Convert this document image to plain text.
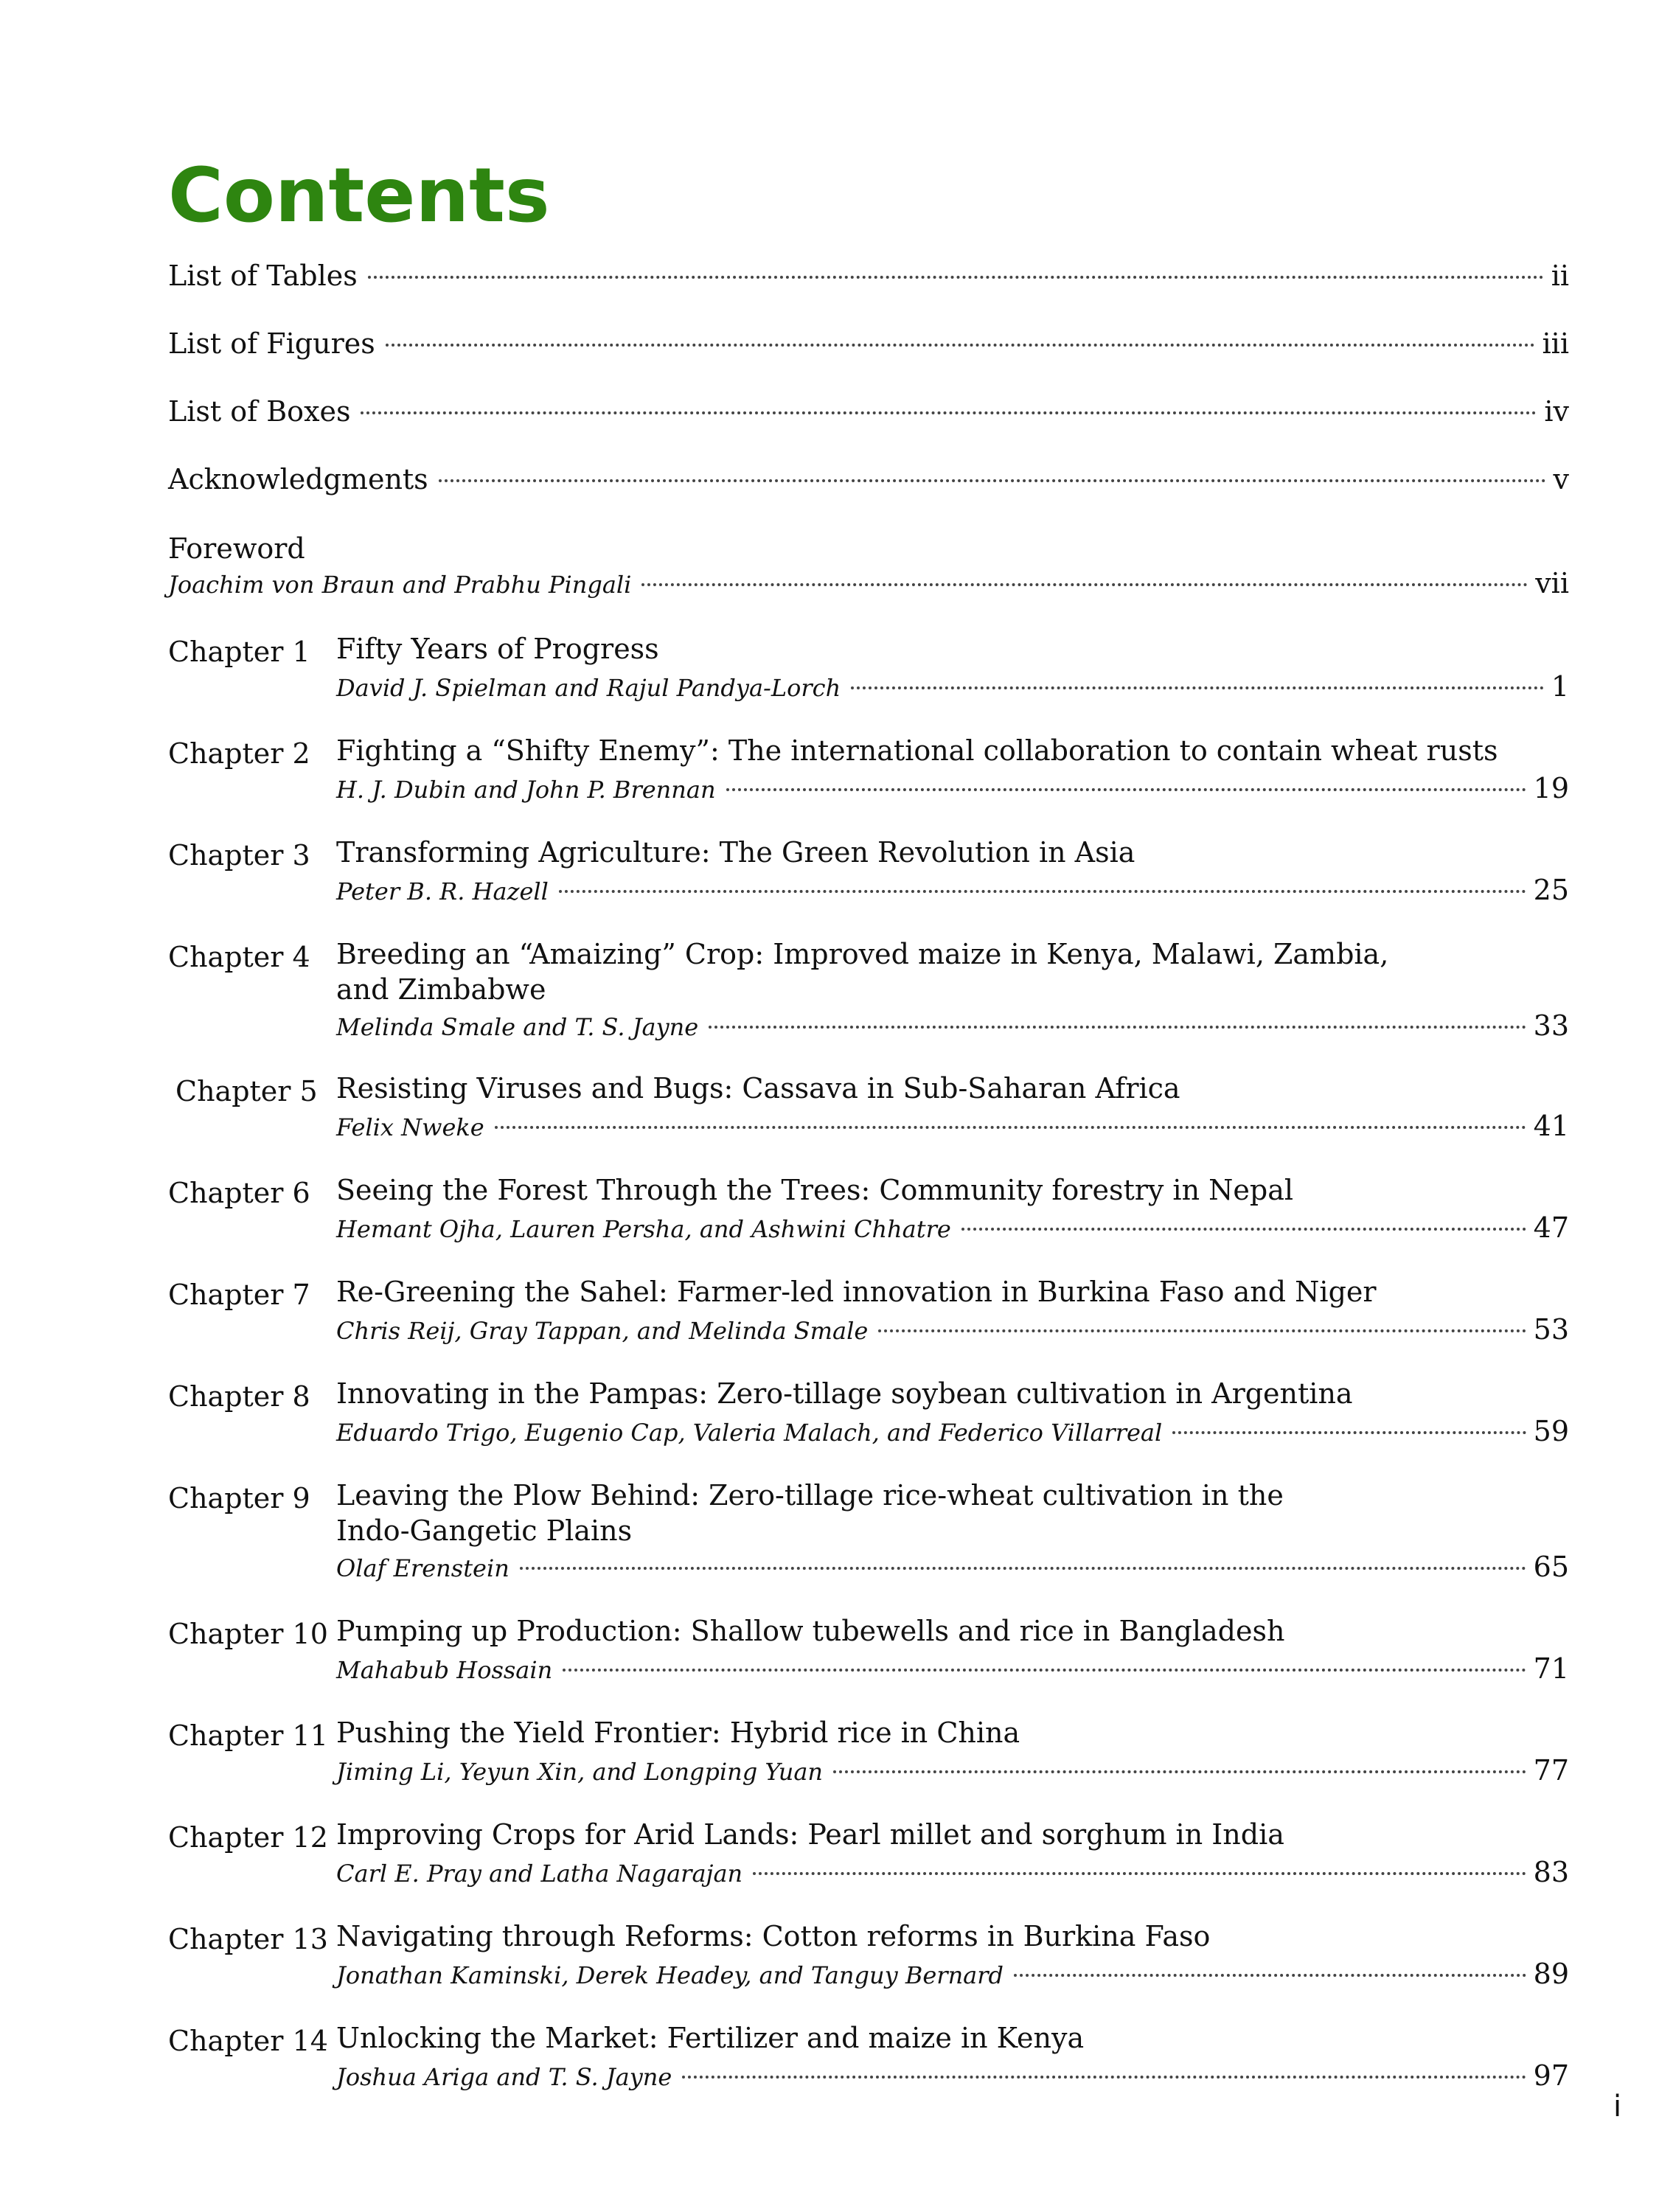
Contents
List of Tables	ii
List of Figures	iii
List of Boxes	iv
Acknowledgments	v
Foreword
Joachim von Braun and Prabhu Pingali	vii
Chapter 1 Fifty Years of Progress
David J. Spielman and Rajul Pandya-Lorch	1
Chapter 2 Fighting a “Shifty Enemy”: The international collaboration to contain wheat rusts
H. J. Dubin and John P. Brennan	19
Chapter 3 Transforming Agriculture: The Green Revolution in Asia
Peter B. R. Hazell	25
Chapter 4 Breeding an “Amaizing” Crop: Improved maize in Kenya, Malawi, Zambia, and Zimbabwe
Melinda Smale and T. S. Jayne	33
Chapter 5 Resisting Viruses and Bugs: Cassava in Sub-Saharan Africa
Felix Nweke	41
Chapter 6 Seeing the Forest Through the Trees: Community forestry in Nepal
Hemant Ojha, Lauren Persha, and Ashwini Chhatre	47
Chapter 7 Re-Greening the Sahel: Farmer-led innovation in Burkina Faso and Niger
Chris Reij, Gray Tappan, and Melinda Smale	53
Chapter 8 Innovating in the Pampas: Zero-tillage soybean cultivation in Argentina
Eduardo Trigo, Eugenio Cap, Valeria Malach, and Federico Villarreal	59
Chapter 9 Leaving the Plow Behind: Zero-tillage rice-wheat cultivation in the Indo-Gangetic Plains
Olaf Erenstein	65
Chapter 10 Pumping up Production: Shallow tubewells and rice in Bangladesh
Mahabub Hossain	71
Chapter 11 Pushing the Yield Frontier: Hybrid rice in China
Jiming Li, Yeyun Xin, and Longping Yuan	77
Chapter 12 Improving Crops for Arid Lands: Pearl millet and sorghum in India
Carl E. Pray and Latha Nagarajan	83
Chapter 13 Navigating through Reforms: Cotton reforms in Burkina Faso
Jonathan Kaminski, Derek Headey, and Tanguy Bernard	89
Chapter 14 Unlocking the Market: Fertilizer and maize in Kenya
Joshua Ariga and T. S. Jayne	97
i
